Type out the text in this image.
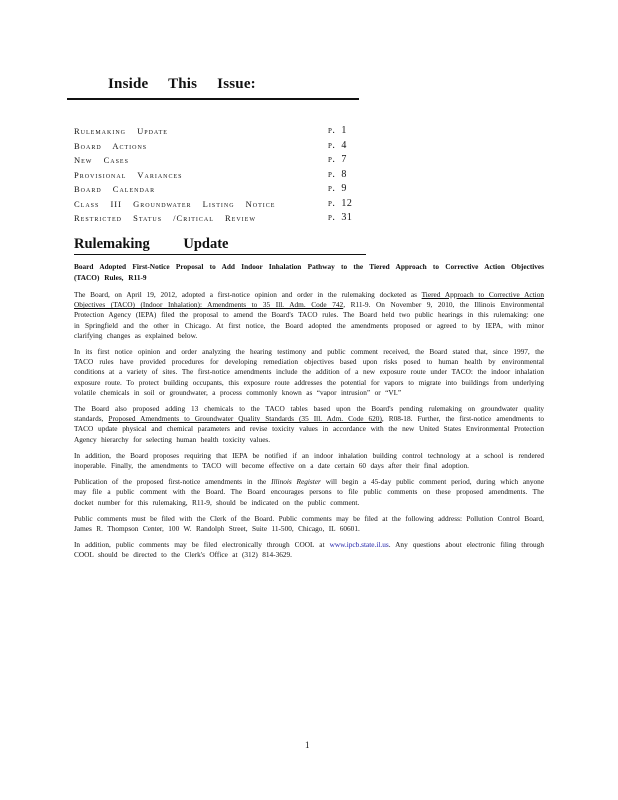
Inside This Issue:
Rulemaking Update	p. 1
Board Actions	p. 4
New Cases	p. 7
Provisional Variances	p. 8
Board Calendar	p. 9
Class III Groundwater Listing Notice	p. 12
Restricted Status /Critical Review	p. 31
Rulemaking Update

Board Adopted First-Notice Proposal to Add Indoor Inhalation Pathway to the Tiered Approach to Corrective Action Objectives (TACO) Rules, R11-9

The Board, on April 19, 2012, adopted a first-notice opinion and order in the rulemaking docketed as Tiered Approach to Corrective Action Objectives (TACO) (Indoor Inhalation): Amendments to 35 Ill. Adm. Code 742, R11-9. On November 9, 2010, the Illinois Environmental Protection Agency (IEPA) filed the proposal to amend the Board's TACO rules. The Board held two public hearings in this rulemaking: one in Springfield and the other in Chicago. At first notice, the Board adopted the amendments proposed or agreed to by IEPA, with minor clarifying changes as explained below.

In its first notice opinion and order analyzing the hearing testimony and public comment received, the Board stated that, since 1997, the TACO rules have provided procedures for developing remediation objectives based upon risks posed to human health by environmental conditions at a variety of sites. The first-notice amendments include the addition of a new exposure route under TACO: the indoor inhalation exposure route. To protect building occupants, this exposure route addresses the potential for vapors to migrate into buildings from underlying volatile chemicals in soil or groundwater, a process commonly known as “vapor intrusion” or “VI.”

The Board also proposed adding 13 chemicals to the TACO tables based upon the Board's pending rulemaking on groundwater quality standards, Proposed Amendments to Groundwater Quality Standards (35 Ill. Adm. Code 620), R08-18. Further, the first-notice amendments to TACO update physical and chemical parameters and revise toxicity values in accordance with the new United States Environmental Protection Agency hierarchy for selecting human health toxicity values.

In addition, the Board proposes requiring that IEPA be notified if an indoor inhalation building control technology at a school is rendered inoperable. Finally, the amendments to TACO will become effective on a date certain 60 days after their final adoption.

Publication of the proposed first-notice amendments in the Illinois Register will begin a 45-day public comment period, during which anyone may file a public comment with the Board. The Board encourages persons to file public comments on these proposed amendments. The docket number for this rulemaking, R11-9, should be indicated on the public comment.

Public comments must be filed with the Clerk of the Board. Public comments may be filed at the following address: Pollution Control Board, James R. Thompson Center, 100 W. Randolph Street, Suite 11-500, Chicago, IL 60601.

In addition, public comments may be filed electronically through COOL at www.ipcb.state.il.us. Any questions about electronic filing through COOL should be directed to the Clerk's Office at (312) 814-3629.

1
